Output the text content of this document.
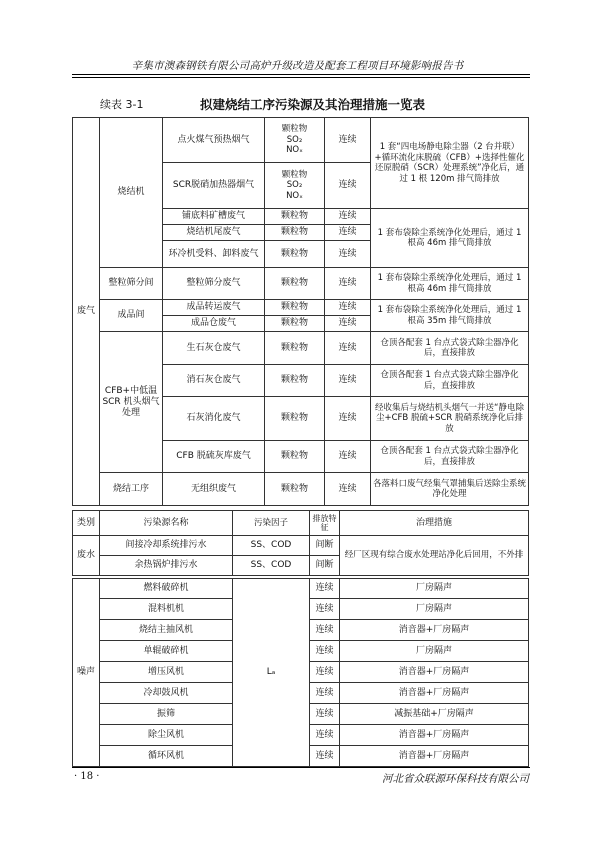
辛集市澳森钢铁有限公司高炉升级改造及配套工程项目环境影响报告书
续表 3-1	拟建烧结工序污染源及其治理措施一览表
废气	烧结机	点火煤气预热烟气	颗粒物
SO₂
NOₓ	连续	1 套“四电场静电除尘器（2 台并联）+循环流化床脱硫（CFB）+选择性催化还原脱硝（SCR）处理系统”净化后，通过 1 根 120m 排气筒排放
		SCR脱硝加热器烟气	颗粒物
SO₂
NOₓ	连续	
		铺底料矿槽废气	颗粒物	连续	1 套布袋除尘系统净化处理后，通过 1 根高 46m 排气筒排放
		烧结机尾废气	颗粒物	连续	
		环冷机受料、卸料废气	颗粒物	连续	
	整粒筛分间	整粒筛分废气	颗粒物	连续	1 套布袋除尘系统净化处理后，通过 1 根高 46m 排气筒排放
	成品间	成品转运废气	颗粒物	连续	1 套布袋除尘系统净化处理后，通过 1 根高 35m 排气筒排放
		成品仓废气	颗粒物	连续	
	CFB+中低温 SCR 机头烟气处理	生石灰仓废气	颗粒物	连续	仓顶各配套 1 台点式袋式除尘器净化后，直接排放
		消石灰仓废气	颗粒物	连续	仓顶各配套 1 台点式袋式除尘器净化后，直接排放
		石灰消化废气	颗粒物	连续	经收集后与烧结机头烟气一并送“静电除尘+CFB 脱硫+SCR 脱硝系统净化后排放
		CFB 脱硫灰库废气	颗粒物	连续	仓顶各配套 1 台点式袋式除尘器净化后，直接排放
	烧结工序	无组织废气	颗粒物	连续	各落料口废气经集气罩捕集后送除尘系统净化处理
类别	污染源名称	污染因子	排放特征	治理措施
废水	间接冷却系统排污水	SS、COD	间断	经厂区现有综合废水处理站净化后回用，不外排
	余热锅炉排污水	SS、COD	间断	
噪声	燃料破碎机	Lₐ	连续	厂房隔声
	混料机机		连续	厂房隔声
	烧结主抽风机		连续	消音器+厂房隔声
	单辊破碎机		连续	厂房隔声
	增压风机		连续	消音器+厂房隔声
	冷却鼓风机		连续	消音器+厂房隔声
	振筛		连续	减振基础+厂房隔声
	除尘风机		连续	消音器+厂房隔声
	循环风机		连续	消音器+厂房隔声
· 18 ·	河北省众联源环保科技有限公司
